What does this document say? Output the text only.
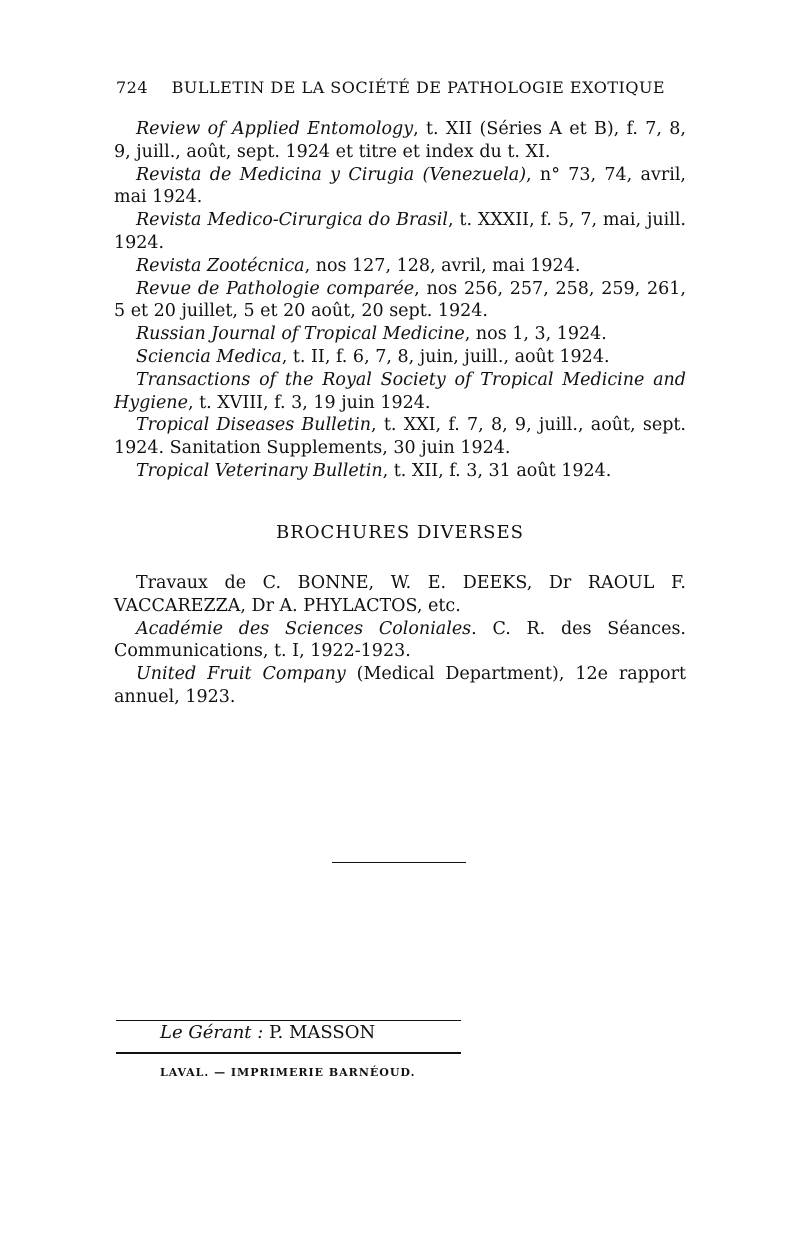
724 BULLETIN DE LA SOCIÉTÉ DE PATHOLOGIE EXOTIQUE

Review of Applied Entomology, t. XII (Séries A et B), f. 7, 8, 9, juill., août, sept. 1924 et titre et index du t. XI.

Revista de Medicina y Cirugia (Venezuela), n° 73, 74, avril, mai 1924.

Revista Medico-Cirurgica do Brasil, t. XXXII, f. 5, 7, mai, juill. 1924.

Revista Zootécnica, nos 127, 128, avril, mai 1924.

Revue de Pathologie comparée, nos 256, 257, 258, 259, 261, 5 et 20 juillet, 5 et 20 août, 20 sept. 1924.

Russian Journal of Tropical Medicine, nos 1, 3, 1924.

Sciencia Medica, t. II, f. 6, 7, 8, juin, juill., août 1924.

Transactions of the Royal Society of Tropical Medicine and Hygiene, t. XVIII, f. 3, 19 juin 1924.

Tropical Diseases Bulletin, t. XXI, f. 7, 8, 9, juill., août, sept. 1924. Sanitation Supplements, 30 juin 1924.

Tropical Veterinary Bulletin, t. XII, f. 3, 31 août 1924.

BROCHURES DIVERSES

Travaux de C. BONNE, W. E. DEEKS, Dr RAOUL F. VACCAREZZA, Dr A. PHYLACTOS, etc.

Académie des Sciences Coloniales. C. R. des Séances. Communications, t. I, 1922-1923.

United Fruit Company (Medical Department), 12e rapport annuel, 1923.

Le Gérant : P. MASSON
LAVAL. — IMPRIMERIE BARNÉOUD.
